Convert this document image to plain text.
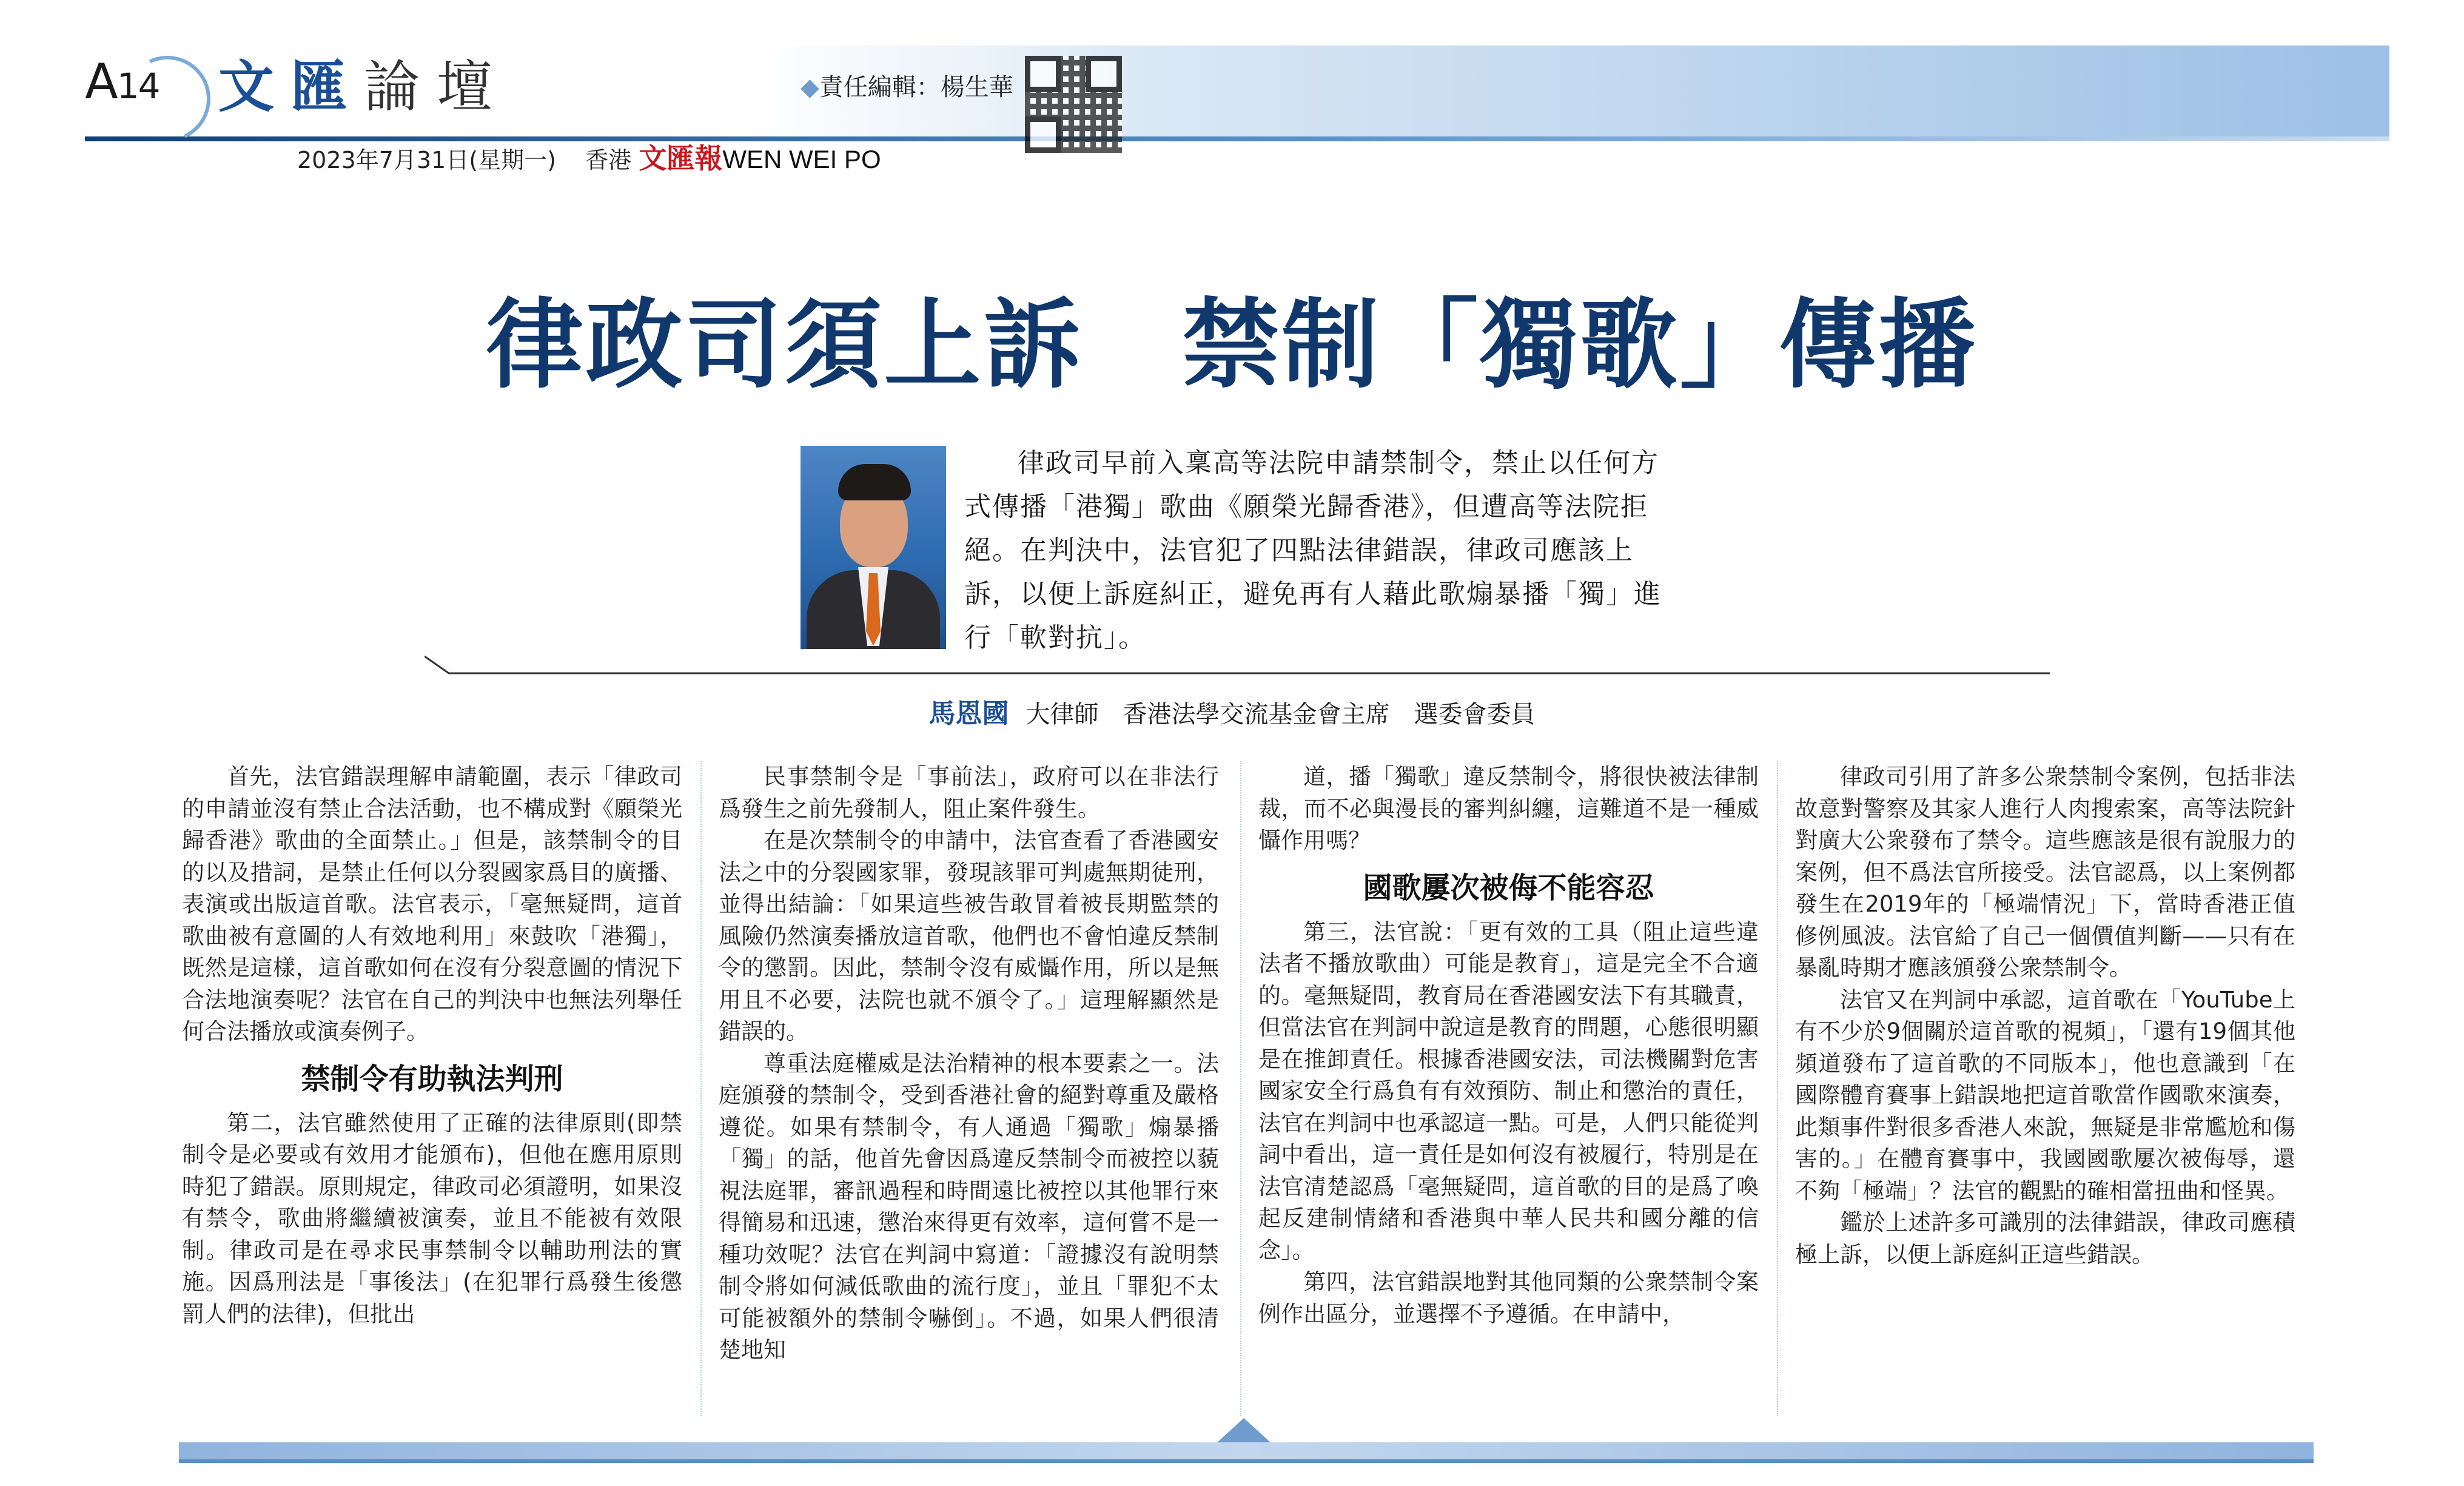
A14 文匯論壇	◆責任編輯：楊生華
2023年7月31日(星期一) 香港 文匯報WEN WEI PO
律政司須上訴　禁制「獨歌」傳播
律政司早前入稟高等法院申請禁制令，禁止以任何方式傳播「港獨」歌曲《願榮光歸香港》，但遭高等法院拒絕。在判決中，法官犯了四點法律錯誤，律政司應該上訴，以便上訴庭糾正，避免再有人藉此歌煽暴播「獨」進行「軟對抗」。
馬恩國 大律師　香港法學交流基金會主席　選委會委員

首先，法官錯誤理解申請範圍，表示「律政司的申請並沒有禁止合法活動，也不構成對《願榮光歸香港》歌曲的全面禁止。」但是，該禁制令的目的以及措詞，是禁止任何以分裂國家爲目的廣播、表演或出版這首歌。法官表示，「毫無疑問，這首歌曲被有意圖的人有效地利用」來鼓吹「港獨」，既然是這樣，這首歌如何在沒有分裂意圖的情況下合法地演奏呢？法官在自己的判決中也無法列舉任何合法播放或演奏例子。

禁制令有助執法判刑

第二，法官雖然使用了正確的法律原則(即禁制令是必要或有效用才能頒布)，但他在應用原則時犯了錯誤。原則規定，律政司必須證明，如果沒有禁令，歌曲將繼續被演奏，並且不能被有效限制。律政司是在尋求民事禁制令以輔助刑法的實施。因爲刑法是「事後法」(在犯罪行爲發生後懲罰人們的法律)，但批出

民事禁制令是「事前法」，政府可以在非法行爲發生之前先發制人，阻止案件發生。

在是次禁制令的申請中，法官查看了香港國安法之中的分裂國家罪，發現該罪可判處無期徒刑，並得出結論：「如果這些被告敢冒着被長期監禁的風險仍然演奏播放這首歌，他們也不會怕違反禁制令的懲罰。因此，禁制令沒有威懾作用，所以是無用且不必要，法院也就不頒令了。」這理解顯然是錯誤的。

尊重法庭權威是法治精神的根本要素之一。法庭頒發的禁制令，受到香港社會的絕對尊重及嚴格遵從。如果有禁制令，有人通過「獨歌」煽暴播「獨」的話，他首先會因爲違反禁制令而被控以藐視法庭罪，審訊過程和時間遠比被控以其他罪行來得簡易和迅速，懲治來得更有效率，這何嘗不是一種功效呢？法官在判詞中寫道：「證據沒有說明禁制令將如何減低歌曲的流行度」，並且「罪犯不太可能被額外的禁制令嚇倒」。不過，如果人們很清楚地知

道，播「獨歌」違反禁制令，將很快被法律制裁，而不必與漫長的審判糾纏，這難道不是一種威懾作用嗎？

國歌屢次被侮不能容忍

第三，法官說：「更有效的工具（阻止這些違法者不播放歌曲）可能是教育」，這是完全不合適的。毫無疑問，教育局在香港國安法下有其職責，但當法官在判詞中說這是教育的問題，心態很明顯是在推卸責任。根據香港國安法，司法機關對危害國家安全行爲負有有效預防、制止和懲治的責任，法官在判詞中也承認這一點。可是，人們只能從判詞中看出，這一責任是如何沒有被履行，特別是在法官清楚認爲「毫無疑問，這首歌的目的是爲了喚起反建制情緒和香港與中華人民共和國分離的信念」。

第四，法官錯誤地對其他同類的公衆禁制令案例作出區分，並選擇不予遵循。在申請中，

律政司引用了許多公衆禁制令案例，包括非法故意對警察及其家人進行人肉搜索案，高等法院針對廣大公衆發布了禁令。這些應該是很有說服力的案例，但不爲法官所接受。法官認爲，以上案例都發生在2019年的「極端情況」下，當時香港正值修例風波。法官給了自己一個價值判斷——只有在暴亂時期才應該頒發公衆禁制令。

法官又在判詞中承認，這首歌在「YouTube上有不少於9個關於這首歌的視頻」，「還有19個其他頻道發布了這首歌的不同版本」，他也意識到「在國際體育賽事上錯誤地把這首歌當作國歌來演奏，此類事件對很多香港人來說，無疑是非常尷尬和傷害的。」在體育賽事中，我國國歌屢次被侮辱，還不夠「極端」？法官的觀點的確相當扭曲和怪異。

鑑於上述許多可識別的法律錯誤，律政司應積極上訴，以便上訴庭糾正這些錯誤。
